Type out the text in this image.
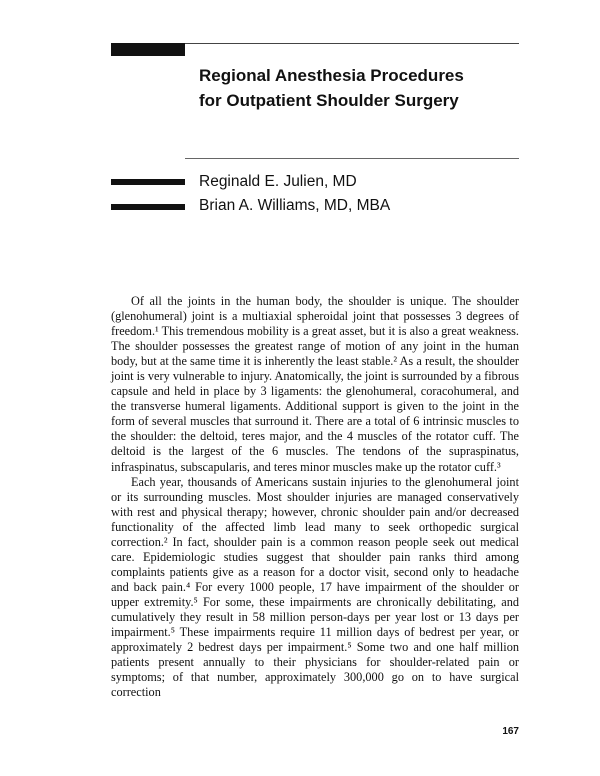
Regional Anesthesia Procedures
for Outpatient Shoulder Surgery
Reginald E. Julien, MD
Brian A. Williams, MD, MBA

Of all the joints in the human body, the shoulder is unique. The shoulder (glenohumeral) joint is a multiaxial spheroidal joint that possesses 3 degrees of freedom.¹ This tremendous mobility is a great asset, but it is also a great weakness. The shoulder possesses the greatest range of motion of any joint in the human body, but at the same time it is inherently the least stable.² As a result, the shoulder joint is very vulnerable to injury. Anatomically, the joint is surrounded by a fibrous capsule and held in place by 3 ligaments: the glenohumeral, coracohumeral, and the transverse humeral ligaments. Additional support is given to the joint in the form of several muscles that surround it. There are a total of 6 intrinsic muscles to the shoulder: the deltoid, teres major, and the 4 muscles of the rotator cuff. The deltoid is the largest of the 6 muscles. The tendons of the supraspinatus, infraspinatus, subscapularis, and teres minor muscles make up the rotator cuff.³

Each year, thousands of Americans sustain injuries to the glenohumeral joint or its surrounding muscles. Most shoulder injuries are managed conservatively with rest and physical therapy; however, chronic shoulder pain and/or decreased functionality of the affected limb lead many to seek orthopedic surgical correction.² In fact, shoulder pain is a common reason people seek out medical care. Epidemiologic studies suggest that shoulder pain ranks third among complaints patients give as a reason for a doctor visit, second only to headache and back pain.⁴ For every 1000 people, 17 have impairment of the shoulder or upper extremity.⁵ For some, these impairments are chronically debilitating, and cumulatively they result in 58 million person-days per year lost or 13 days per impairment.⁵ These impairments require 11 million days of bedrest per year, or approximately 2 bedrest days per impairment.⁵ Some two and one half million patients present annually to their physicians for shoulder-related pain or symptoms; of that number, approximately 300,000 go on to have surgical correction

167
